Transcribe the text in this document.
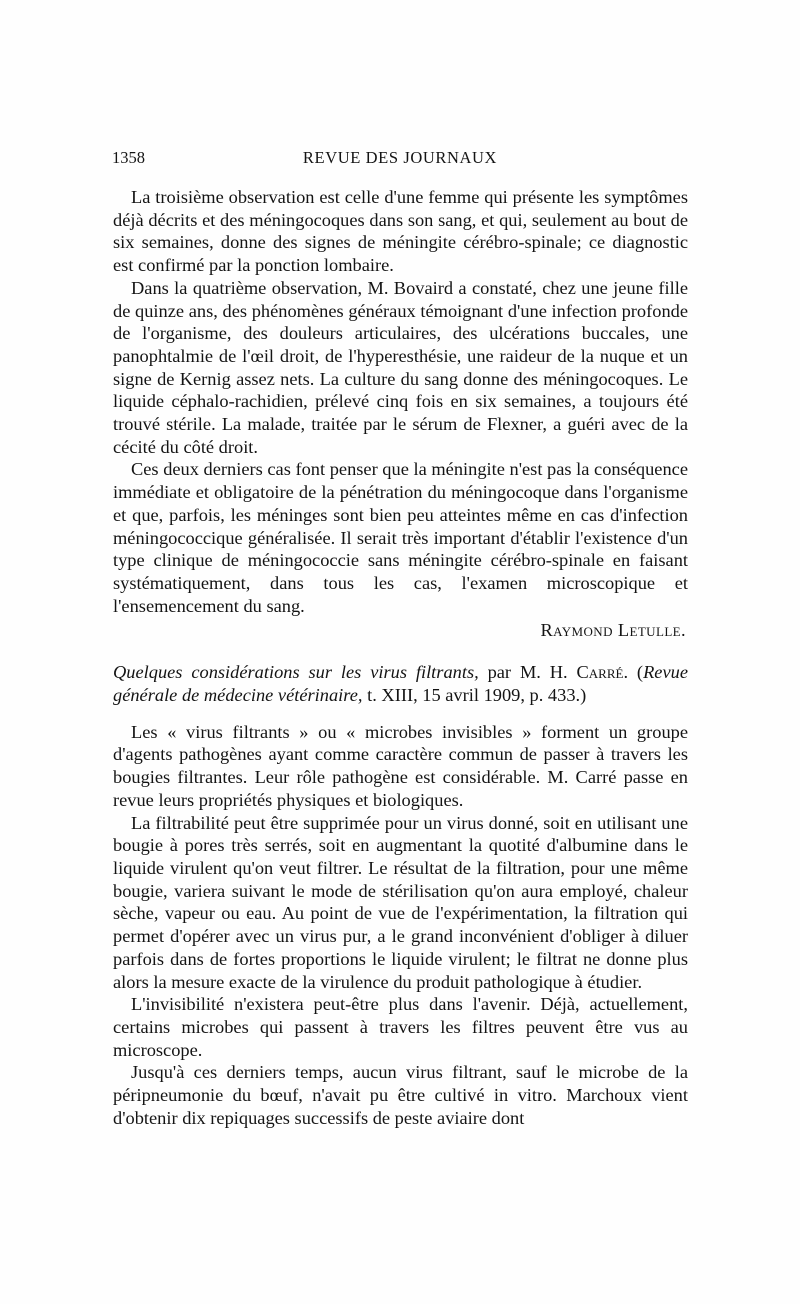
1358	REVUE DES JOURNAUX

La troisième observation est celle d'une femme qui présente les symptômes déjà décrits et des méningocoques dans son sang, et qui, seulement au bout de six semaines, donne des signes de méningite cérébro-spinale; ce diagnostic est confirmé par la ponction lombaire.

Dans la quatrième observation, M. Bovaird a constaté, chez une jeune fille de quinze ans, des phénomènes généraux témoignant d'une infection profonde de l'organisme, des douleurs articulaires, des ulcérations buccales, une panophtalmie de l'œil droit, de l'hyperesthésie, une raideur de la nuque et un signe de Kernig assez nets. La culture du sang donne des méningocoques. Le liquide céphalo-rachidien, prélevé cinq fois en six semaines, a toujours été trouvé stérile. La malade, traitée par le sérum de Flexner, a guéri avec de la cécité du côté droit.

Ces deux derniers cas font penser que la méningite n'est pas la conséquence immédiate et obligatoire de la pénétration du méningocoque dans l'organisme et que, parfois, les méninges sont bien peu atteintes même en cas d'infection méningococcique généralisée. Il serait très important d'établir l'existence d'un type clinique de méningococcie sans méningite cérébro-spinale en faisant systématiquement, dans tous les cas, l'examen microscopique et l'ensemencement du sang.

Raymond Letulle.

Quelques considérations sur les virus filtrants, par M. H. Carré. (Revue générale de médecine vétérinaire, t. XIII, 15 avril 1909, p. 433.)

Les « virus filtrants » ou « microbes invisibles » forment un groupe d'agents pathogènes ayant comme caractère commun de passer à travers les bougies filtrantes. Leur rôle pathogène est considérable. M. Carré passe en revue leurs propriétés physiques et biologiques.

La filtrabilité peut être supprimée pour un virus donné, soit en utilisant une bougie à pores très serrés, soit en augmentant la quotité d'albumine dans le liquide virulent qu'on veut filtrer. Le résultat de la filtration, pour une même bougie, variera suivant le mode de stérilisation qu'on aura employé, chaleur sèche, vapeur ou eau. Au point de vue de l'expérimentation, la filtration qui permet d'opérer avec un virus pur, a le grand inconvénient d'obliger à diluer parfois dans de fortes proportions le liquide virulent; le filtrat ne donne plus alors la mesure exacte de la virulence du produit pathologique à étudier.

L'invisibilité n'existera peut-être plus dans l'avenir. Déjà, actuellement, certains microbes qui passent à travers les filtres peuvent être vus au microscope.

Jusqu'à ces derniers temps, aucun virus filtrant, sauf le microbe de la péripneumonie du bœuf, n'avait pu être cultivé in vitro. Marchoux vient d'obtenir dix repiquages successifs de peste aviaire dont
